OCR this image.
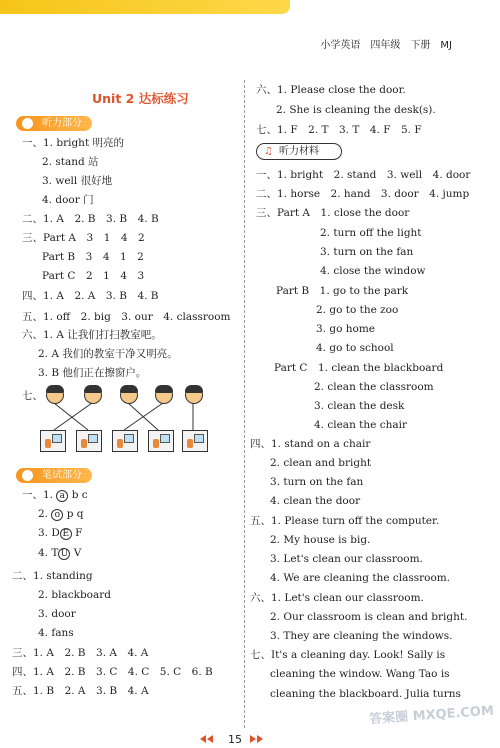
小学英语 四年级 下册 MJ
Unit 2 达标练习
听力部分
一、1. bright 明亮的
2. stand 站
3. well 很好地
4. door 门
二、1. A　2. B　3. B　4. B
三、Part A　3　1　4　2
Part B　3　4　1　2
Part C　2　1　4　3
四、1. A　2. A　3. B　4. B
五、1. off　2. big　3. our　4. classroom
六、1. A 让我们打扫教室吧。
2. A 我们的教室干净又明亮。
3. B 他们正在擦窗户。
七、
笔试部分
一、1. a b c
2. o p q
3. D E F
4. T U V
二、1. standing
2. blackboard
3. door
4. fans
三、1. A　2. B　3. A　4. A
四、1. A　2. B　3. C　4. C　5. C　6. B
五、1. B　2. A　3. B　4. A
六、1. Please close the door.
2. She is cleaning the desk(s).
七、1. F　2. T　3. T　4. F　5. F
♫ 听力材料
一、1. bright　2. stand　3. well　4. door
二、1. horse　2. hand　3. door　4. jump
三、Part A　1. close the door
2. turn off the light
3. turn on the fan
4. close the window
Part B　1. go to the park
2. go to the zoo
3. go home
4. go to school
Part C　1. clean the blackboard
2. clean the classroom
3. clean the desk
4. clean the chair
四、1. stand on a chair
2. clean and bright
3. turn on the fan
4. clean the door
五、1. Please turn off the computer.
2. My house is big.
3. Let's clean our classroom.
4. We are cleaning the classroom.
六、1. Let's clean our classroom.
2. Our classroom is clean and bright.
3. They are cleaning the windows.
七、It's a cleaning day. Look! Sally is
cleaning the window. Wang Tao is
cleaning the blackboard. Julia turns
15
答案圈 MXQE.COM
